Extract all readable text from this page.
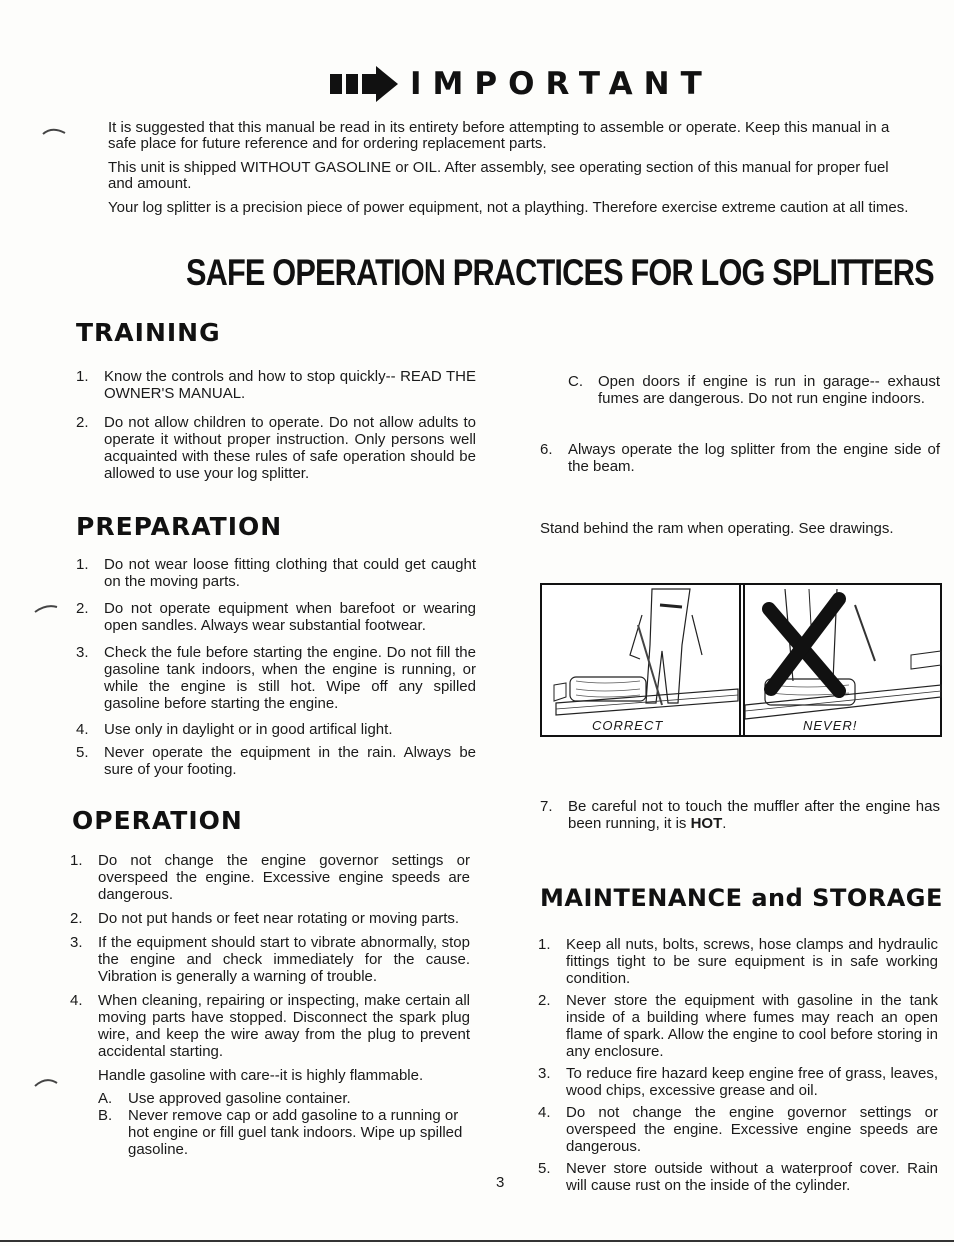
IMPORTANT

It is suggested that this manual be read in its entirety before attempting to assemble or operate. Keep this manual in a safe place for future reference and for ordering replacement parts.

This unit is shipped WITHOUT GASOLINE or OIL. After assembly, see operating section of this manual for proper fuel and amount.

Your log splitter is a precision piece of power equipment, not a plaything. Therefore exercise extreme caution at all times.

SAFE OPERATION PRACTICES FOR LOG SPLITTERS
TRAINING
1.	Know the controls and how to stop quickly-- READ THE OWNER'S MANUAL.
2.	Do not allow children to operate. Do not allow adults to operate it without proper instruction. Only persons well acquainted with these rules of safe operation should be allowed to use your log splitter.
PREPARATION
1.	Do not wear loose fitting clothing that could get caught on the moving parts.
2.	Do not operate equipment when barefoot or wearing open sandles. Always wear substantial footwear.
3.	Check the fule before starting the engine. Do not fill the gasoline tank indoors, when the engine is running, or while the engine is still hot. Wipe off any spilled gasoline before starting the engine.
4.	Use only in daylight or in good artifical light.
5.	Never operate the equipment in the rain. Always be sure of your footing.
OPERATION
1.	Do not change the engine governor settings or overspeed the engine. Excessive engine speeds are dangerous.
2.	Do not put hands or feet near rotating or moving parts.
3.	If the equipment should start to vibrate abnormally, stop the engine and check immediately for the cause. Vibration is generally a warning of trouble.
4.	When cleaning, repairing or inspecting, make certain all moving parts have stopped. Disconnect the spark plug wire, and keep the wire away from the plug to prevent accidental starting.
Handle gasoline with care--it is highly flammable.
A.	Use approved gasoline container.
B.	Never remove cap or add gasoline to a running or hot engine or fill guel tank indoors. Wipe up spilled gasoline.
C.	Open doors if engine is run in garage-- exhaust fumes are dangerous. Do not run engine indoors.
6.	Always operate the log splitter from the engine side of the beam.
Stand behind the ram when operating. See drawings.
CORRECT	NEVER!
7.	Be careful not to touch the muffler after the engine has been running, it is HOT.
MAINTENANCE and STORAGE
1.	Keep all nuts, bolts, screws, hose clamps and hydraulic fittings tight to be sure equipment is in safe working condition.
2.	Never store the equipment with gasoline in the tank inside of a building where fumes may reach an open flame of spark. Allow the engine to cool before storing in any enclosure.
3.	To reduce fire hazard keep engine free of grass, leaves, wood chips, excessive grease and oil.
4.	Do not change the engine governor settings or overspeed the engine. Excessive engine speeds are dangerous.
5.	Never store outside without a waterproof cover. Rain will cause rust on the inside of the cylinder.
3
